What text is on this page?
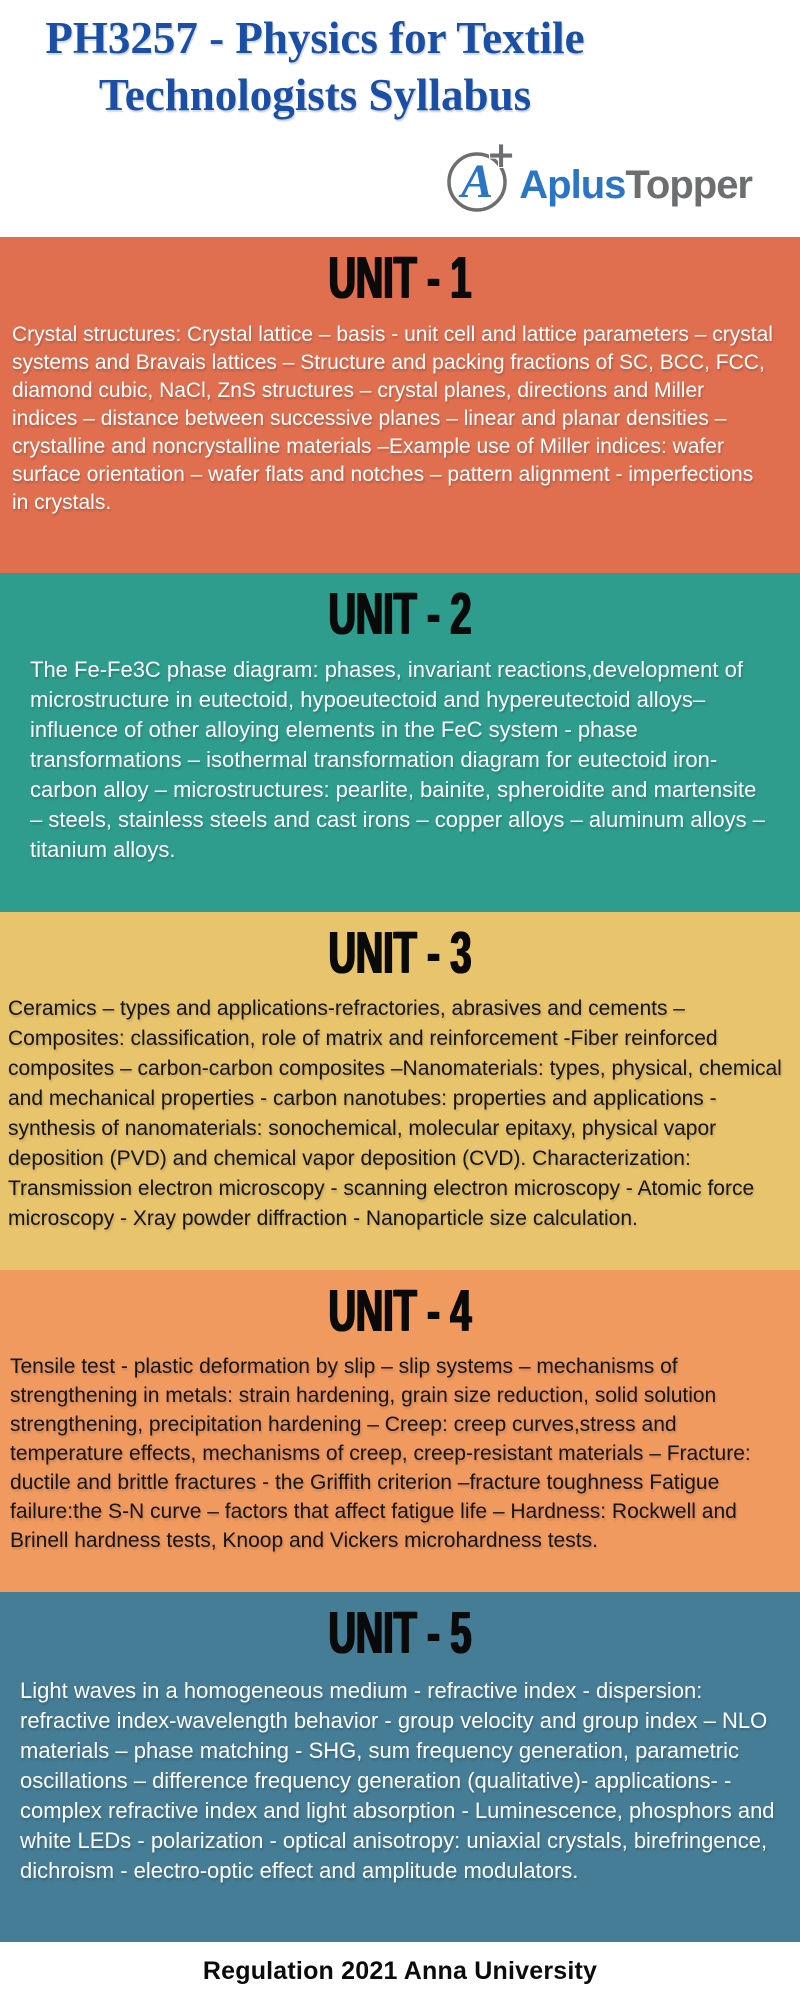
PH3257 - Physics for Textile
Technologists Syllabus
A
+
AplusTopper
UNIT - 1
Crystal structures: Crystal lattice – basis - unit cell and lattice parameters – crystal systems and Bravais lattices – Structure and packing fractions of SC, BCC, FCC, diamond cubic, NaCl, ZnS structures – crystal planes, directions and Miller indices – distance between successive planes – linear and planar densities – crystalline and noncrystalline materials –Example use of Miller indices: wafer surface orientation – wafer flats and notches – pattern alignment - imperfections in crystals.
UNIT - 2
The Fe-Fe3C phase diagram: phases, invariant reactions,development of microstructure in eutectoid, hypoeutectoid and hypereutectoid alloys–influence of other alloying elements in the FeC system - phase transformations – isothermal transformation diagram for eutectoid iron-carbon alloy – microstructures: pearlite, bainite, spheroidite and martensite – steels, stainless steels and cast irons – copper alloys – aluminum alloys – titanium alloys.
UNIT - 3
Ceramics – types and applications-refractories, abrasives and cements – Composites: classification, role of matrix and reinforcement -Fiber reinforced composites – carbon-carbon composites –Nanomaterials: types, physical, chemical and mechanical properties - carbon nanotubes: properties and applications - synthesis of nanomaterials: sonochemical, molecular epitaxy, physical vapor deposition (PVD) and chemical vapor deposition (CVD). Characterization: Transmission electron microscopy - scanning electron microscopy - Atomic force microscopy - Xray powder diffraction - Nanoparticle size calculation.
UNIT - 4
Tensile test - plastic deformation by slip – slip systems – mechanisms of strengthening in metals: strain hardening, grain size reduction, solid solution strengthening, precipitation hardening – Creep: creep curves,stress and temperature effects, mechanisms of creep, creep-resistant materials – Fracture: ductile and brittle fractures - the Griffith criterion –fracture toughness Fatigue failure:the S-N curve – factors that affect fatigue life – Hardness: Rockwell and Brinell hardness tests, Knoop and Vickers microhardness tests.
UNIT - 5
Light waves in a homogeneous medium - refractive index - dispersion: refractive index-wavelength behavior - group velocity and group index – NLO materials – phase matching - SHG, sum frequency generation, parametric oscillations – difference frequency generation (qualitative)- applications- - complex refractive index and light absorption - Luminescence, phosphors and white LEDs - polarization - optical anisotropy: uniaxial crystals, birefringence, dichroism - electro-optic effect and amplitude modulators.
Regulation 2021 Anna University
